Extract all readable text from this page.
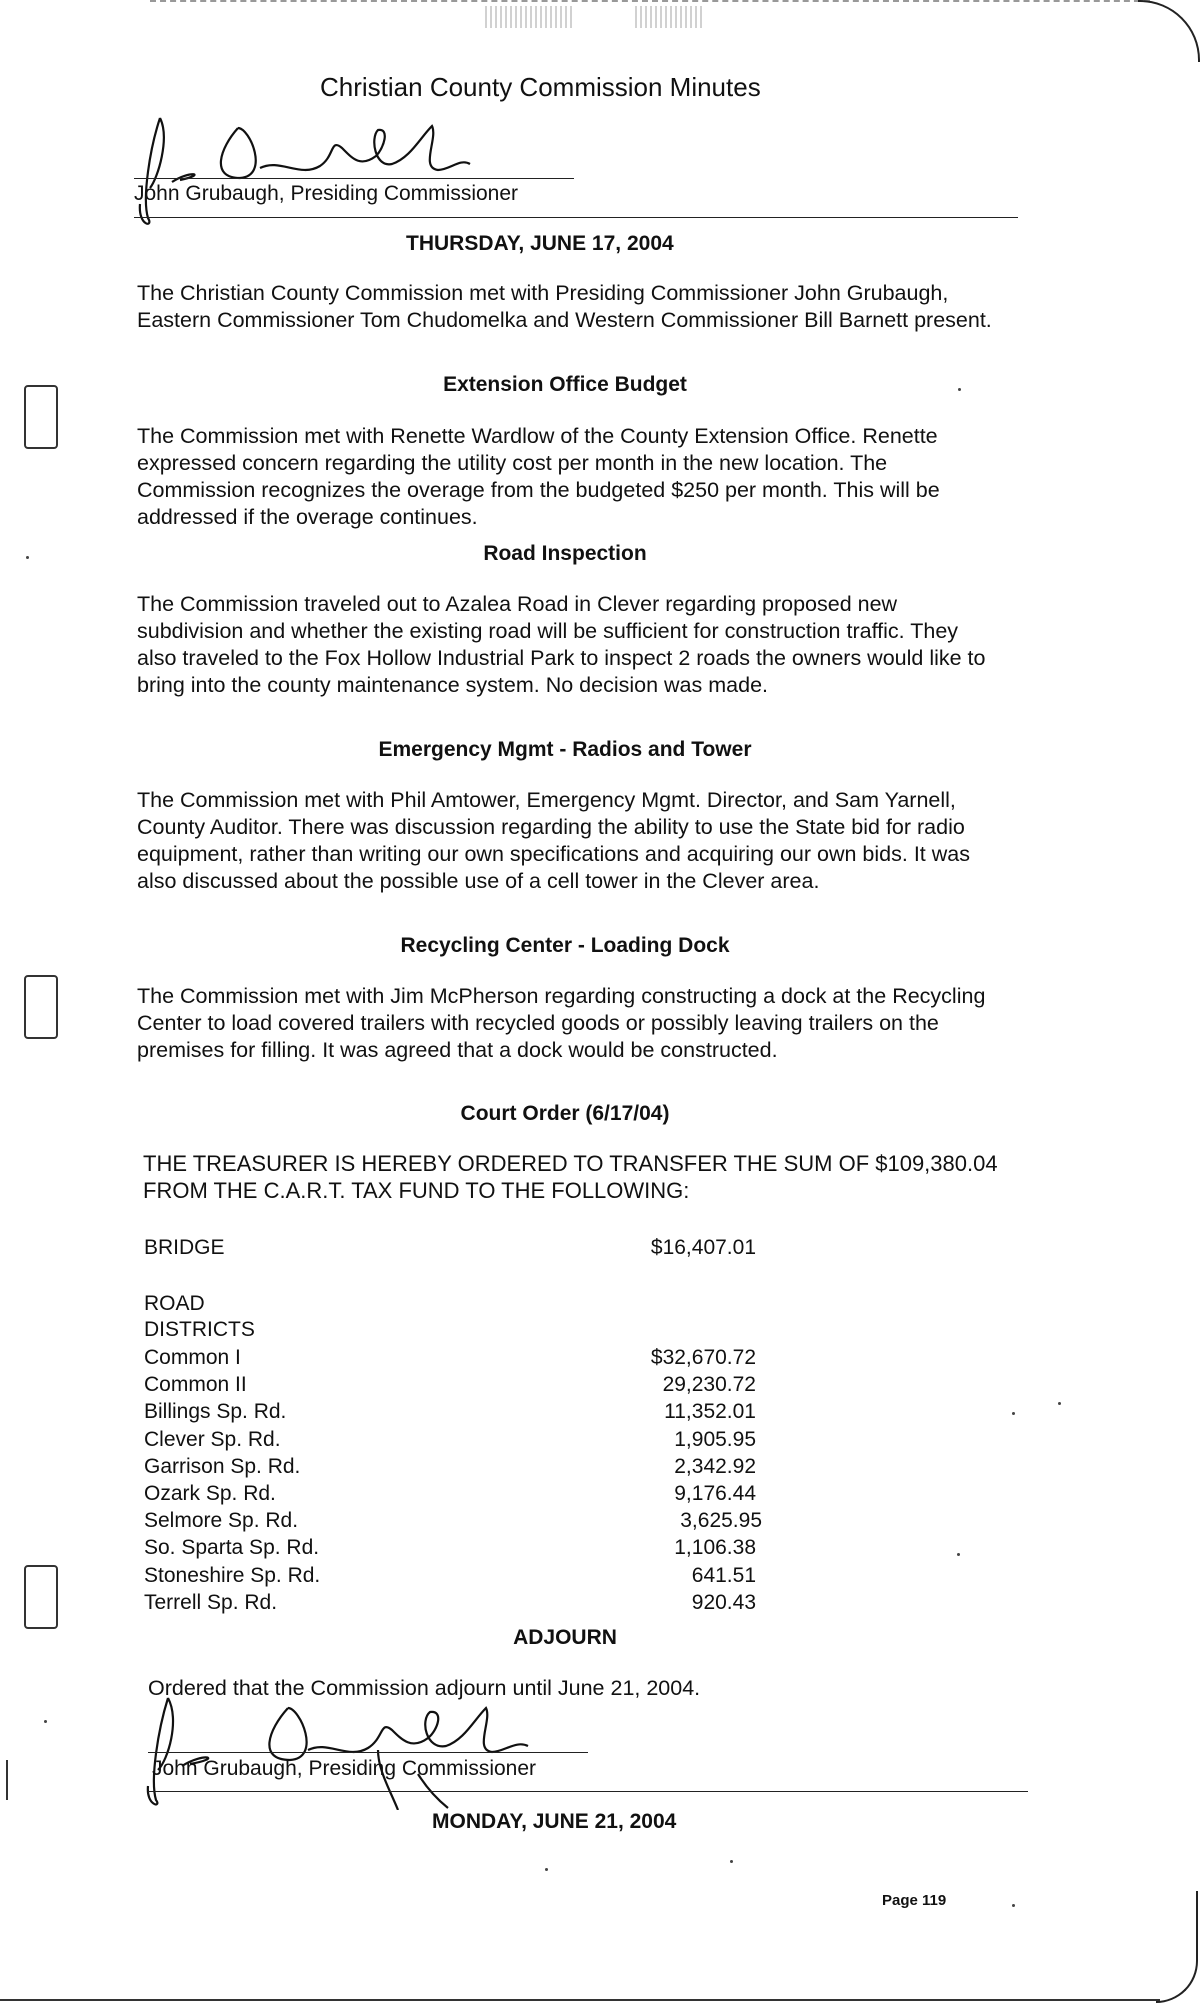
Christian County Commission Minutes
John Grubaugh, Presiding Commissioner
THURSDAY, JUNE 17, 2004
The Christian County Commission met with Presiding Commissioner John Grubaugh, Eastern Commissioner Tom Chudomelka and Western Commissioner Bill Barnett present.
Extension Office Budget
The Commission met with Renette Wardlow of the County Extension Office. Renette expressed concern regarding the utility cost per month in the new location. The Commission recognizes the overage from the budgeted $250 per month. This will be addressed if the overage continues.
Road Inspection
The Commission traveled out to Azalea Road in Clever regarding proposed new subdivision and whether the existing road will be sufficient for construction traffic. They also traveled to the Fox Hollow Industrial Park to inspect 2 roads the owners would like to bring into the county maintenance system. No decision was made.
Emergency Mgmt - Radios and Tower
The Commission met with Phil Amtower, Emergency Mgmt. Director, and Sam Yarnell, County Auditor. There was discussion regarding the ability to use the State bid for radio equipment, rather than writing our own specifications and acquiring our own bids. It was also discussed about the possible use of a cell tower in the Clever area.
Recycling Center - Loading Dock
The Commission met with Jim McPherson regarding constructing a dock at the Recycling Center to load covered trailers with recycled goods or possibly leaving trailers on the premises for filling. It was agreed that a dock would be constructed.
Court Order (6/17/04)
THE TREASURER IS HEREBY ORDERED TO TRANSFER THE SUM OF $109,380.04 FROM THE C.A.R.T. TAX FUND TO THE FOLLOWING:
BRIDGE	$16,407.01
ROAD
DISTRICTS
Common I	$32,670.72
Common II	29,230.72
Billings Sp. Rd.	11,352.01
Clever Sp. Rd.	1,905.95
Garrison Sp. Rd.	2,342.92
Ozark Sp. Rd.	9,176.44
Selmore Sp. Rd.	3,625.95
So. Sparta Sp. Rd.	1,106.38
Stoneshire Sp. Rd.	641.51
Terrell Sp. Rd.	920.43
ADJOURN
Ordered that the Commission adjourn until June 21, 2004.
John Grubaugh, Presiding Commissioner
MONDAY, JUNE 21, 2004
Page 119
